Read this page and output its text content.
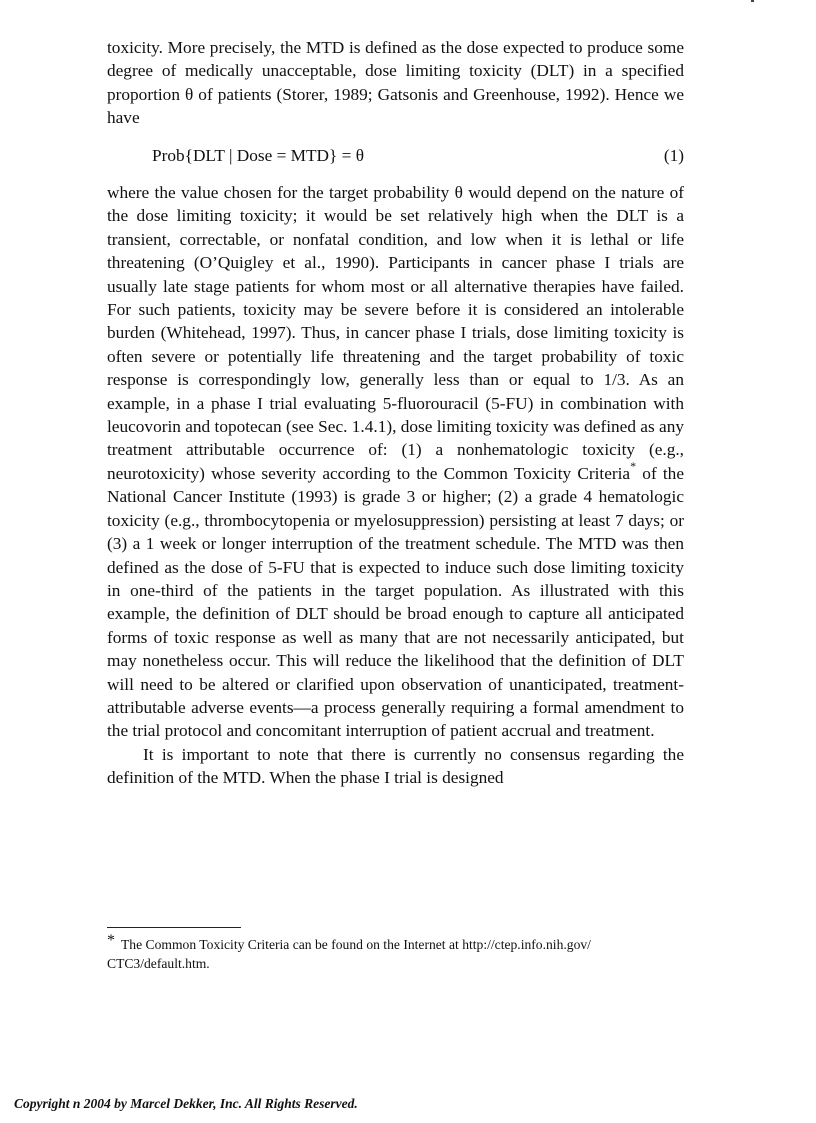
toxicity. More precisely, the MTD is defined as the dose expected to produce some degree of medically unacceptable, dose limiting toxicity (DLT) in a specified proportion θ of patients (Storer, 1989; Gatsonis and Greenhouse, 1992). Hence we have

Prob{DLT | Dose = MTD} = θ	(1)

where the value chosen for the target probability θ would depend on the nature of the dose limiting toxicity; it would be set relatively high when the DLT is a transient, correctable, or nonfatal condition, and low when it is lethal or life threatening (O’Quigley et al., 1990). Participants in cancer phase I trials are usually late stage patients for whom most or all alternative therapies have failed. For such patients, toxicity may be severe before it is considered an intolerable burden (Whitehead, 1997). Thus, in cancer phase I trials, dose limiting toxicity is often severe or potentially life threatening and the target probability of toxic response is correspondingly low, generally less than or equal to 1/3. As an example, in a phase I trial evaluating 5-fluorouracil (5-FU) in combination with leucovorin and topotecan (see Sec. 1.4.1), dose limiting toxicity was defined as any treatment attributable occurrence of: (1) a nonhematologic toxicity (e.g., neurotoxicity) whose severity according to the Common Toxicity Criteria* of the National Cancer Institute (1993) is grade 3 or higher; (2) a grade 4 hematologic toxicity (e.g., thrombocytopenia or myelosuppression) persisting at least 7 days; or (3) a 1 week or longer interruption of the treatment schedule. The MTD was then defined as the dose of 5-FU that is expected to induce such dose limiting toxicity in one-third of the patients in the target population. As illustrated with this example, the definition of DLT should be broad enough to capture all anticipated forms of toxic response as well as many that are not necessarily anticipated, but may nonetheless occur. This will reduce the likelihood that the definition of DLT will need to be altered or clarified upon observation of unanticipated, treatment-attributable adverse events—a process generally requiring a formal amendment to the trial protocol and concomitant interruption of patient accrual and treatment.

It is important to note that there is currently no consensus regarding the definition of the MTD. When the phase I trial is designed

* The Common Toxicity Criteria can be found on the Internet at http://ctep.info.nih.gov/
CTC3/default.htm.
Copyright n 2004 by Marcel Dekker, Inc. All Rights Reserved.
